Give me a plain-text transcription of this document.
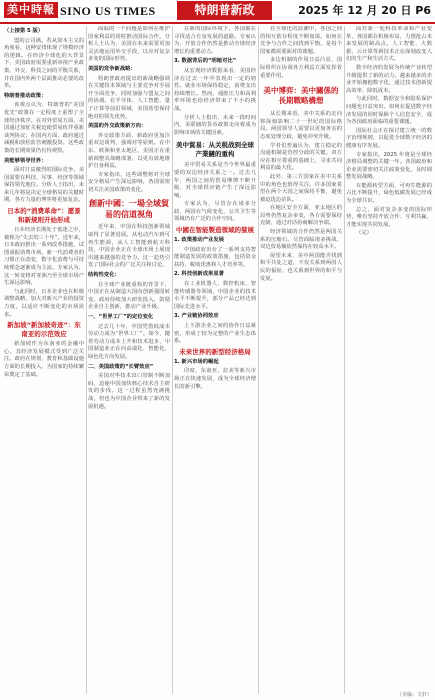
美中時報 SINO US TIMES	特朗普新政	2025 年 12 月 20 日 P6

（上接第 5 版）

盟的公司满。若从资本主义的角度看，这种安排体现了规模经济的逻辑。在经济全球化的大背景下，美国政府需要重新审视产业政策、外交、科技之间的平衡关系，并在国内外两个层面推动必要的改革。

特朗普推动政策：

该观点认为，特朗普的“美国优先”政策在一定程度上重塑了全球经济秩序。在对外贸易方面，美国通过加征关税迫使贸易伙伴重新谈判协议；在国内方面，政府通过减税和放松监管刺激投资。这些政策的长期效果仍有待观察。

美能够领导世界：

面对日益激烈的国际竞争，美国需要在科技、军事、经济等领域保持领先地位。分析人士指出，未来几年将是决定全球格局的关键时期，各方力量的博弈将更加复杂。

日本的“消费革命”：愿景和新规则开始形成

日本经济长期处于低迷之中，被称为“失去的三十年”。近年来，日本政府推出一系列改革措施，试图重振消费市场。新一代消费者的习惯正在改变，数字化消费与可持续理念逐渐成为主流。专家认为，这一转变将对亚洲乃至全球市场产生深远影响。

与此同时，日本企业也在积极调整战略，加大对新兴产业的投资力度，以适应不断变化的市场需求。

新加坡“新加坡奇迹”：东南亚的示范效应

新加坡作为东南亚的金融中心，其经济发展模式受到广泛关注。政府在规划、教育和基础设施方面的长期投入，为国家的持续繁荣奠定了基础。

面临的一个问题是如何在维护国家利益的同时推动国际合作。分析人士认为，美国在未来需要更加灵活地运用外交手段，以应对复杂多变的国际形势。

美国的竞争新战略：

特朗普政府提出的新战略强调在关键技术领域与主要竞争对手展开全面竞争，同时加强与盟友之间的协调。在半导体、人工智能、量子计算等前沿领域，美国希望保持绝对的领先优势。

美国的外交政策新方向：

外交政策方面，新政府更加注重双边谈判，强调对等原则。在中东、欧洲和亚太地区，美国正在重新调整其战略部署，以更有效地维护自身利益。

专家指出，这些调整将对全球安全格局产生深远影响，各国需密切关注美国政策的变化。

創新中國：一場全域貿易的信道視角

近年来，中国在科技创新领域取得了显著进展。从电动汽车到可再生能源，从人工智能到航天科技，中国企业正在全球市场上展现出越来越强的竞争力。这一趋势引发了国际社会的广泛关注和讨论。

结构性变化：

在全球产业链重构的背景下，中国正在从制造大国向创新强国转变。政府持续加大研发投入，鼓励企业自主创新，推动产业升级。

一、“世界工厂”的定位变化

过去几十年，中国凭借低成本劳动力成为“世界工厂”。如今，随着劳动力成本上升和技术进步，中国制造业正在向高端化、智能化、绿色化方向发展。

二、美国政策的“长臂效应”

美国对华技术出口管制不断加码，迫使中国加快核心技术自主研发的步伐。这一过程虽然充满挑战，但也为中国企业带来了新的发展机遇。

在新的国际环境下，各国都在寻找适合自身发展的道路。专家认为，开放合作仍然是推动全球经济增长的重要动力。

3. 数据背后的“明暗对比”

从宏观经济数据来看，美国经济在过去一年中表现出一定的韧性。就业市场保持稳定，消费支出持续增长。然而，通胀压力和高利率环境也给经济带来了不小的挑战。

分析人士指出，未来一段时间内，美联储的货币政策走向将成为影响市场的关键因素。

美中貿易：从关税战到全球产業鏈的重构

美中贸易关系是当今世界最重要的双边经济关系之一。过去几年，两国之间的贸易摩擦不断升级，对全球供应链产生了深远影响。

专家认为，尽管存在诸多分歧，两国在气候变化、公共卫生等领域仍有广泛的合作空间。

中國在智能製造領域的發展

1. 政策推动产业发展

中国政府出台了一系列支持智能制造发展的政策措施，包括资金扶持、税收优惠和人才培养等。

2. 科技创新成果显著

在工业机器人、数控机床、智能传感器等领域，中国企业的技术水平不断提升，部分产品已经达到国际先进水平。

3. 产业链协同效应

上下游企业之间的协作日益紧密，形成了较为完整的产业生态体系。

未来世界的新型经济格局

1. 新兴市场的崛起

印度、东南亚、拉美等新兴市场正在快速发展，成为全球经济增长的新引擎。

在全球化的浪潮中，各国之间的相互依存程度不断加深。如何在竞争与合作之间找到平衡，是每个国家都需要面对的课题。

多边机制的作用日益凸显，国际组织在协调各方利益方面发挥着重要作用。

美中博弈：美中關係的長期戰略構想

从长期来看，美中关系的走向将深刻影响二十一世纪的国际格局。两国领导人需要以更加务实的态度处理分歧，避免冲突升级。

学者们普遍认为，建立稳定的沟通机制是管控分歧的关键。双方应在相互尊重的基础上，寻求共同利益的最大化。

此外，第三方国家在美中关系中的角色也值得关注。许多国家希望在两个大国之间保持平衡，避免被迫选边站队。

在地区安全方面，亚太地区的局势仍然复杂多变，各方需要保持克制，通过对话协商解决争端。

经济领域的合作仍然是两国关系的压舱石。尽管面临诸多挑战，双边贸易额依然保持在较高水平。

展望未来，美中两国能否找到和平共处之道，不仅关系到两国人民的福祉，也关系到世界的和平与发展。

面对新一轮科技革命和产业变革，各国都在积极布局，力图抢占未来发展的制高点。人工智能、大数据、云计算等新技术正在深刻改变人们的生产和生活方式。

数字经济的发展为传统产业转型升级提供了新的动力。越来越多的企业开始拥抱数字化，通过技术创新提高效率、降低成本。

与此同时，数据安全和隐私保护问题也日益突出。如何在促进数字经济发展的同时保障个人信息安全，成为各国政府面临的重要课题。

国际社会正在探讨建立统一的数字治理规则，以促进全球数字经济的健康有序发展。

专家指出，2025 年将是全球经济格局调整的关键一年。各国政府和企业需要密切关注政策变化，及时调整发展战略。

在能源转型方面，可再生能源的占比不断提升，绿色低碳发展已经成为全球共识。

总之，面对复杂多变的国际形势，唯有坚持开放合作、互利共赢，才能实现共同发展。

（完）

（美编：文轩）
